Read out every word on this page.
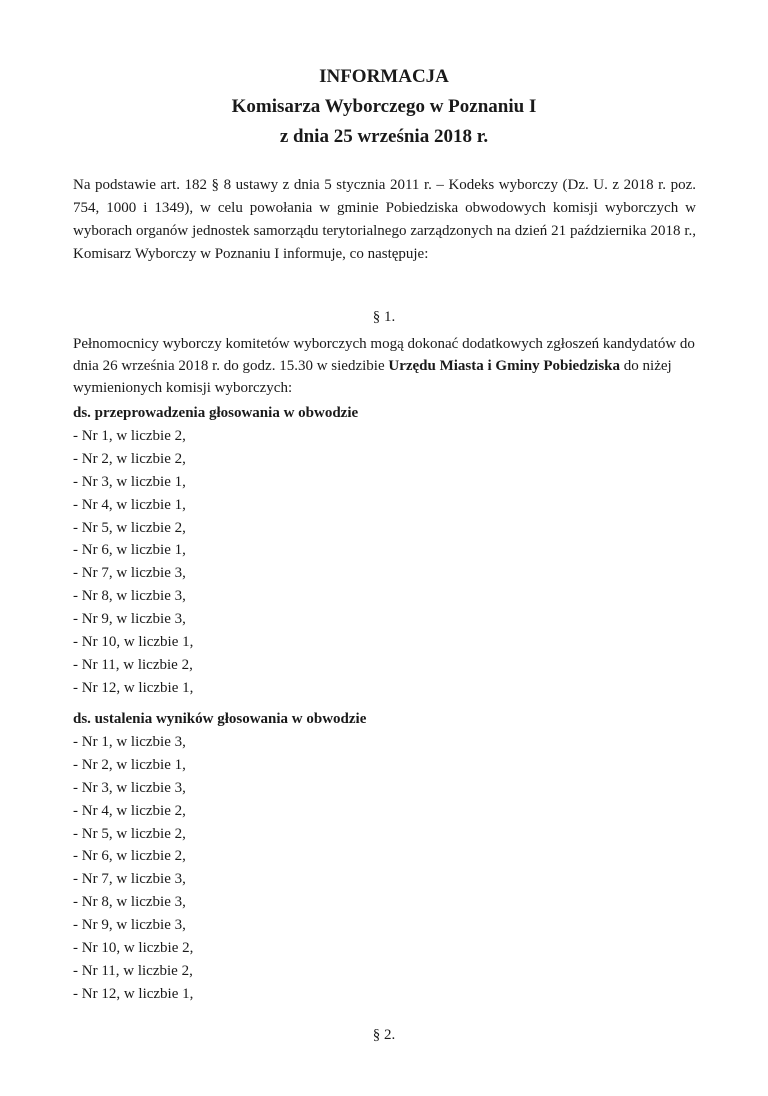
INFORMACJA
Komisarza Wyborczego w Poznaniu I
z dnia 25 września 2018 r.
Na podstawie art. 182 § 8 ustawy z dnia 5 stycznia 2011 r. – Kodeks wyborczy (Dz. U. z 2018 r. poz. 754, 1000 i 1349), w celu powołania w gminie Pobiedziska obwodowych komisji wyborczych w wyborach organów jednostek samorządu terytorialnego zarządzonych na dzień 21 października 2018 r., Komisarz Wyborczy w Poznaniu I informuje, co następuje:
§ 1.

Pełnomocnicy wyborczy komitetów wyborczych mogą dokonać dodatkowych zgłoszeń kandydatów do dnia 26 września 2018 r. do godz. 15.30 w siedzibie Urzędu Miasta i Gminy Pobiedziska do niżej wymienionych komisji wyborczych:

ds. przeprowadzenia głosowania w obwodzie
- Nr 1, w liczbie 2,
- Nr 2, w liczbie 2,
- Nr 3, w liczbie 1,
- Nr 4, w liczbie 1,
- Nr 5, w liczbie 2,
- Nr 6, w liczbie 1,
- Nr 7, w liczbie 3,
- Nr 8, w liczbie 3,
- Nr 9, w liczbie 3,
- Nr 10, w liczbie 1,
- Nr 11, w liczbie 2,
- Nr 12, w liczbie 1,
ds. ustalenia wyników głosowania w obwodzie
- Nr 1, w liczbie 3,
- Nr 2, w liczbie 1,
- Nr 3, w liczbie 3,
- Nr 4, w liczbie 2,
- Nr 5, w liczbie 2,
- Nr 6, w liczbie 2,
- Nr 7, w liczbie 3,
- Nr 8, w liczbie 3,
- Nr 9, w liczbie 3,
- Nr 10, w liczbie 2,
- Nr 11, w liczbie 2,
- Nr 12, w liczbie 1,
§ 2.
